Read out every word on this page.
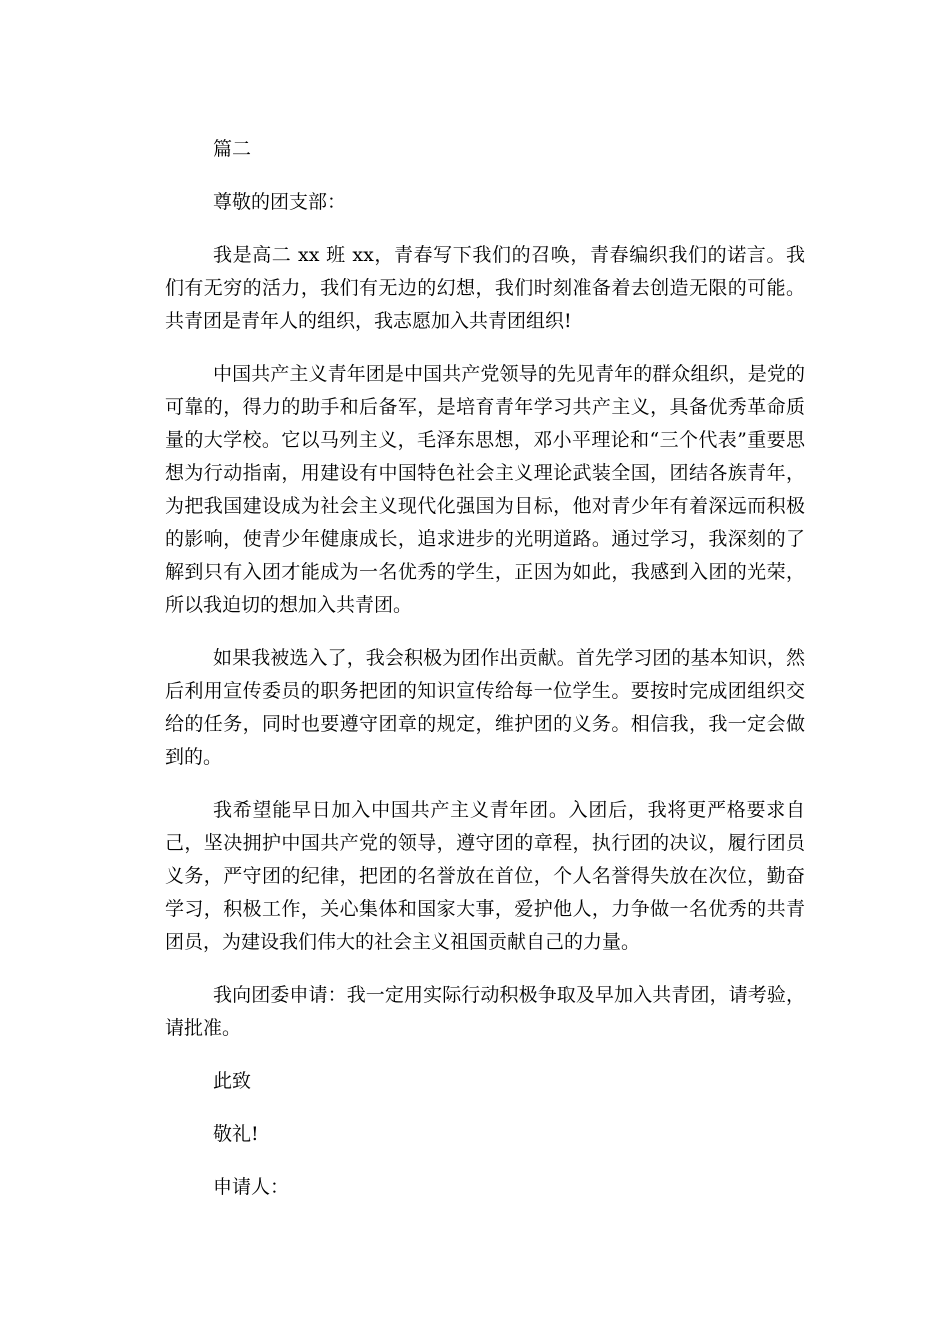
篇二

尊敬的团支部：

我是高二 xx 班 xx，青春写下我们的召唤，青春编织我们的诺言。我们有无穷的活力，我们有无边的幻想，我们时刻准备着去创造无限的可能。共青团是青年人的组织，我志愿加入共青团组织!

中国共产主义青年团是中国共产党领导的先见青年的群众组织，是党的可靠的，得力的助手和后备军，是培育青年学习共产主义，具备优秀革命质量的大学校。它以马列主义，毛泽东思想，邓小平理论和“三个代表”重要思想为行动指南，用建设有中国特色社会主义理论武装全国，团结各族青年，为把我国建设成为社会主义现代化强国为目标，他对青少年有着深远而积极的影响，使青少年健康成长，追求进步的光明道路。通过学习，我深刻的了解到只有入团才能成为一名优秀的学生，正因为如此，我感到入团的光荣，所以我迫切的想加入共青团。

如果我被选入了，我会积极为团作出贡献。首先学习团的基本知识，然后利用宣传委员的职务把团的知识宣传给每一位学生。要按时完成团组织交给的任务，同时也要遵守团章的规定，维护团的义务。相信我，我一定会做到的。

我希望能早日加入中国共产主义青年团。入团后，我将更严格要求自己，坚决拥护中国共产党的领导，遵守团的章程，执行团的决议，履行团员义务，严守团的纪律，把团的名誉放在首位，个人名誉得失放在次位，勤奋学习，积极工作，关心集体和国家大事，爱护他人，力争做一名优秀的共青团员，为建设我们伟大的社会主义祖国贡献自己的力量。

我向团委申请：我一定用实际行动积极争取及早加入共青团，请考验，请批准。

此致

敬礼!

申请人：
